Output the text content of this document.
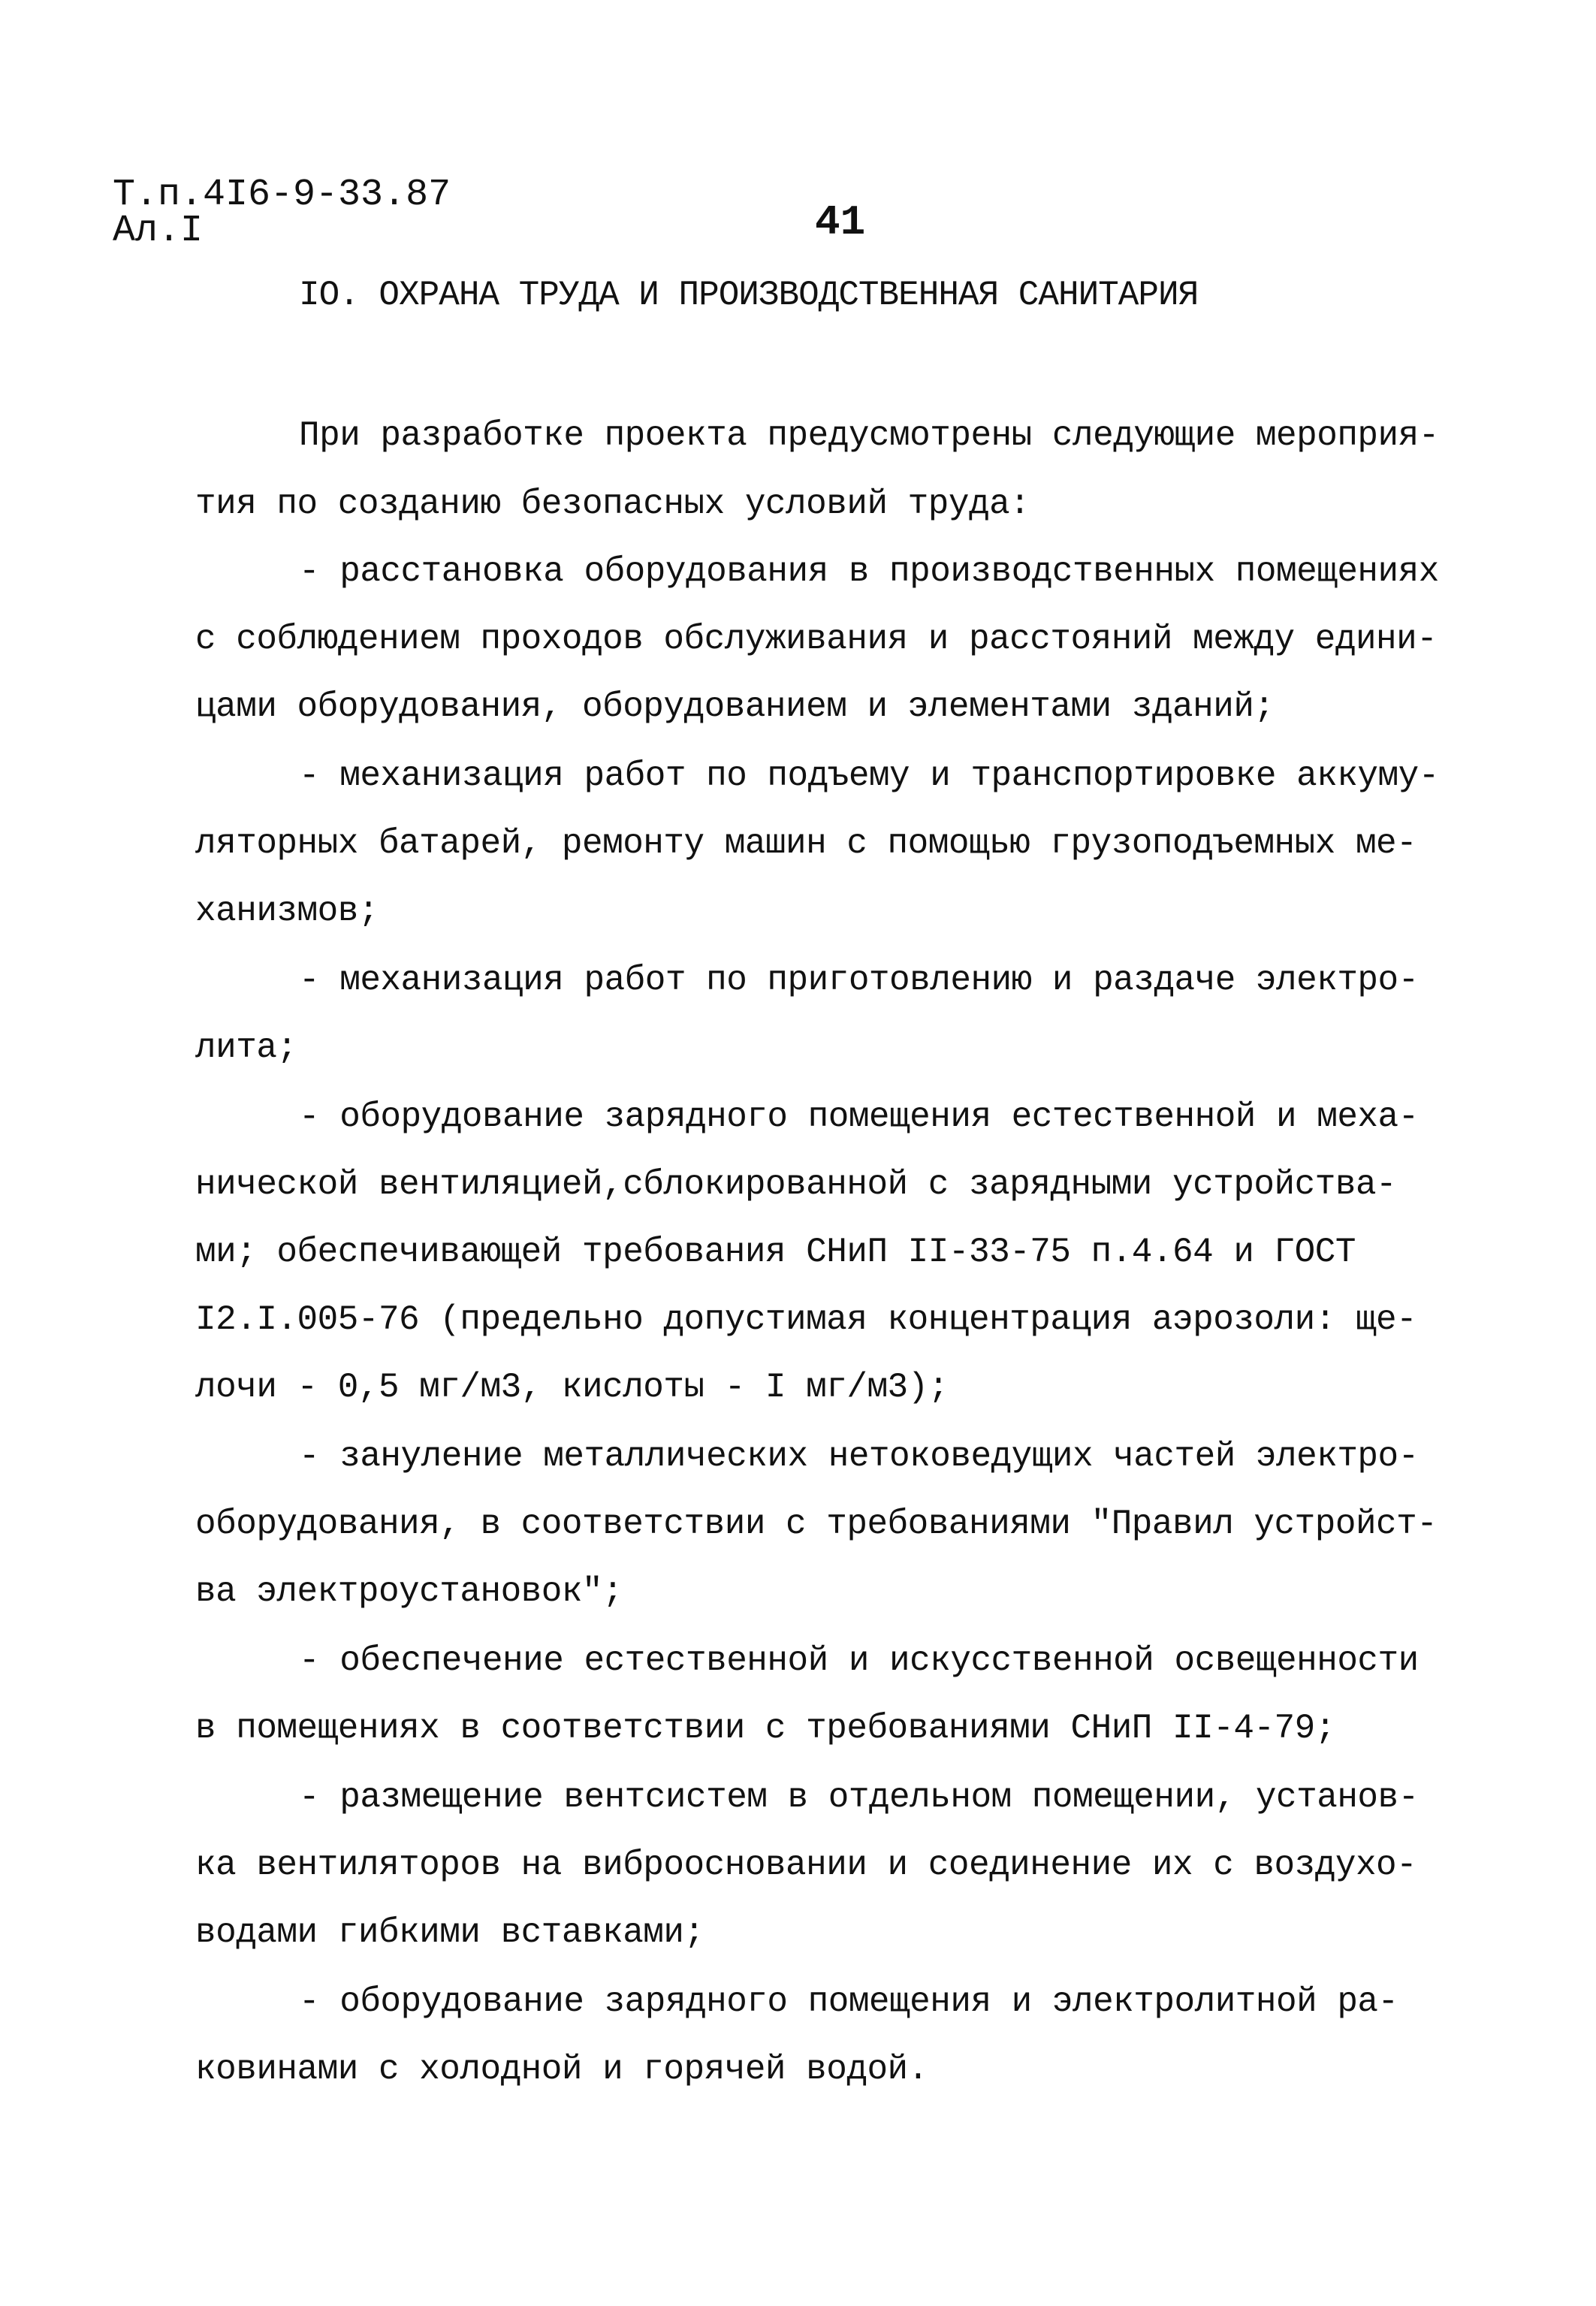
Т.п.4I6-9-33.87
Ал.I	41
IO. ОХРАНА ТРУДА И ПРОИЗВОДСТВЕННАЯ САНИТАРИЯ
При разработке проекта предусмотрены следующие мероприя-
тия по созданию безопасных условий труда:
- расстановка оборудования в производственных помещениях
с соблюдением проходов обслуживания и расстояний между едини-
цами оборудования, оборудованием и элементами зданий;
- механизация работ по подъему и транспортировке аккуму-
ляторных батарей, ремонту машин с помощью грузоподъемных ме-
ханизмов;
- механизация работ по приготовлению и раздаче электро-
лита;
- оборудование зарядного помещения естественной и меха-
нической вентиляцией,сблокированной с зарядными устройства-
ми; обеспечивающей требования СНиП II-33-75 п.4.64 и ГОСТ
I2.I.005-76 (предельно допустимая концентрация аэрозоли: ще-
лочи - 0,5 мг/м3, кислоты - I мг/м3);
- зануление металлических нетоковедущих частей электро-
оборудования, в соответствии с требованиями "Правил устройст-
ва электроустановок";
- обеспечение естественной и искусственной освещенности
в помещениях в соответствии с требованиями СНиП II-4-79;
- размещение вентсистем в отдельном помещении, установ-
ка вентиляторов на виброосновании и соединение их с воздухо-
водами гибкими вставками;
- оборудование зарядного помещения и электролитной ра-
ковинами с холодной и горячей водой.
